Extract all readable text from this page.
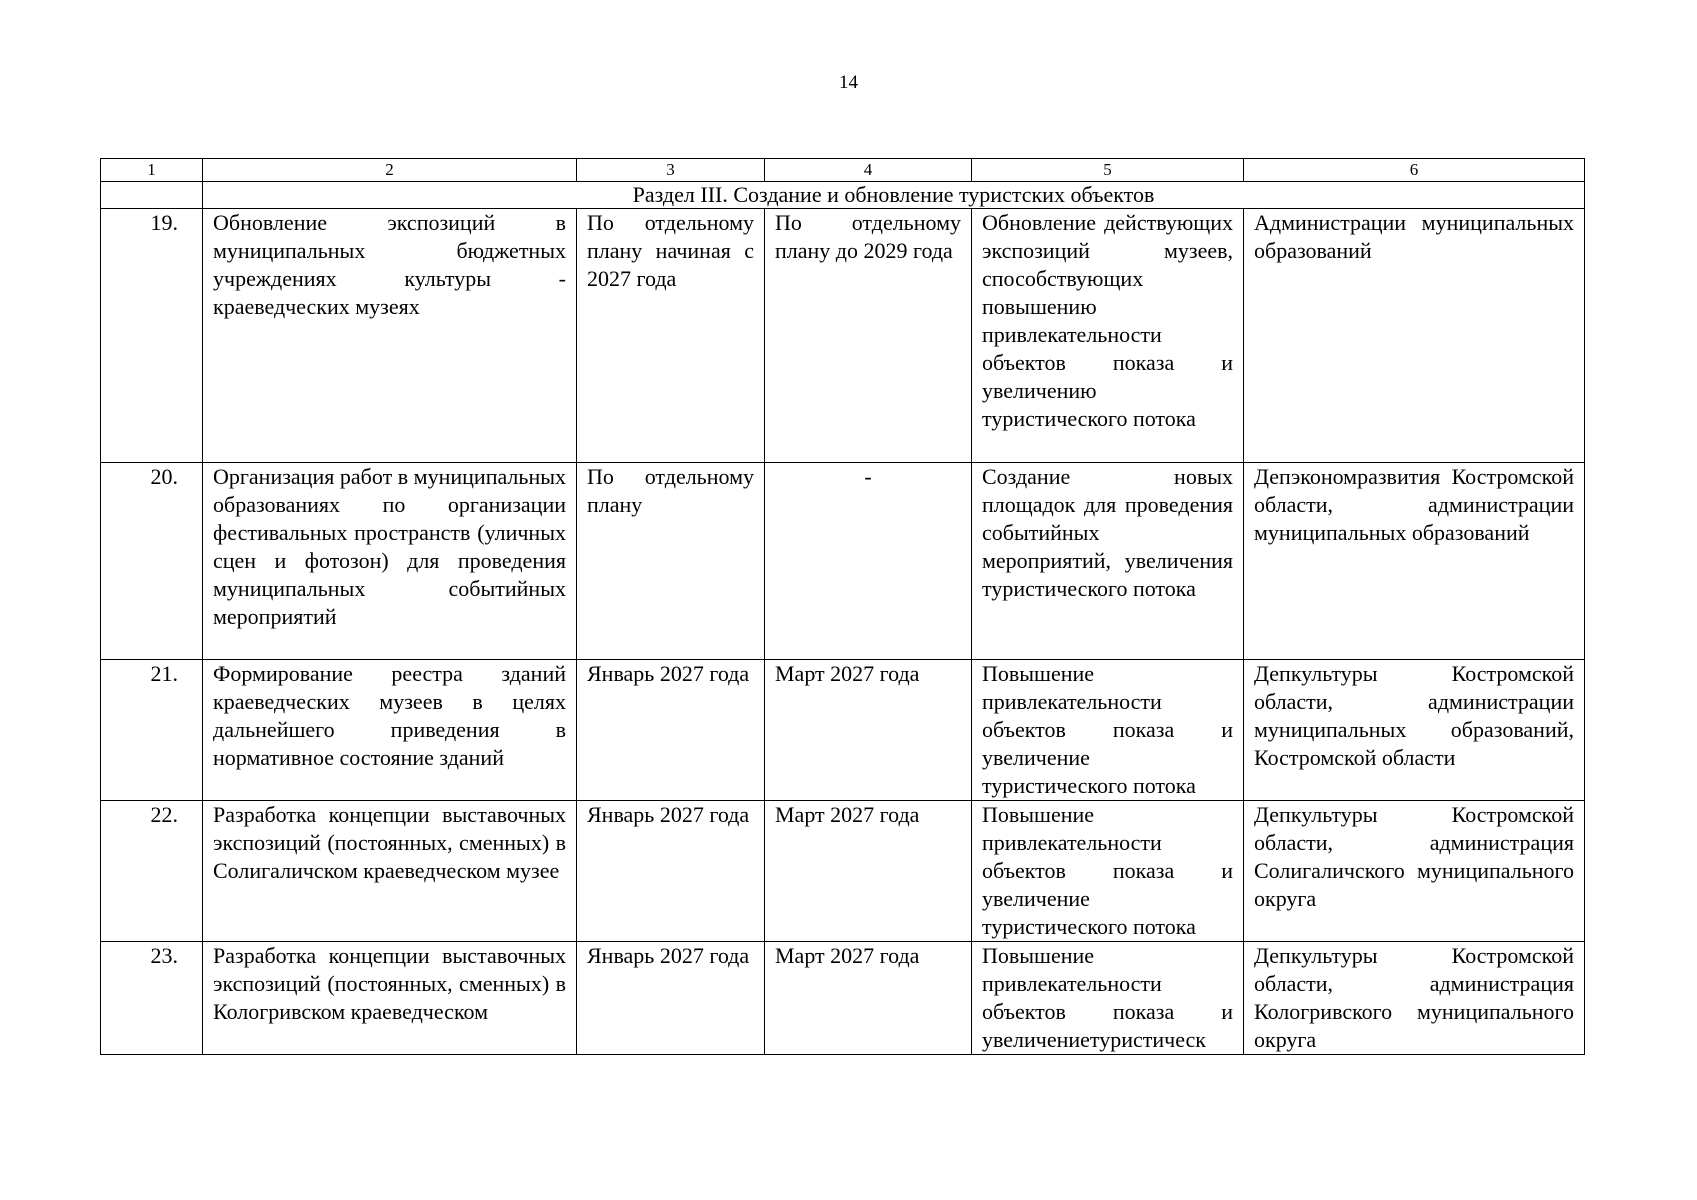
14
1	2	3	4	5	6
	Раздел III. Создание и обновление туристских объектов				
19.	Обновление экспозиций в муниципальных бюджетных учреждениях культуры - краеведческих музеях	По отдельному плану начиная с 2027 года	По отдельному плану до 2029 года	Обновление действующих экспозиций музеев, способствующих повышению привлекательности объектов показа и увеличению туристического потока	Администрации муниципальных образований
20.	Организация работ в муниципальных образованиях по организации фестивальных пространств (уличных сцен и фотозон) для проведения муниципальных событийных мероприятий	По отдельному плану	-	Создание новых площадок для проведения событийных мероприятий, увеличения туристического потока	Депэкономразвития Костромской области, администрации муниципальных образований
21.	Формирование реестра зданий краеведческих музеев в целях дальнейшего приведения в нормативное состояние зданий	Январь 2027 года	Март 2027 года	Повышение привлекательности объектов показа и увеличение туристического потока	Депкультуры Костромской области, администрации муниципальных образований, Костромской области
22.	Разработка концепции выставочных экспозиций (постоянных, сменных) в Солигаличском краеведческом музее	Январь 2027 года	Март 2027 года	Повышение привлекательности объектов показа и увеличение туристического потока	Депкультуры Костромской области, администрация Солигаличского муниципального округа

23.	Разработка концепции выставочных экспозиций (постоянных, сменных) в Кологривском краеведческом	Январь 2027 года	Март 2027 года	Повышение привлекательности объектов показа и увеличениетуристическ	Депкультуры Костромской области, администрация Кологривского муниципального округа
